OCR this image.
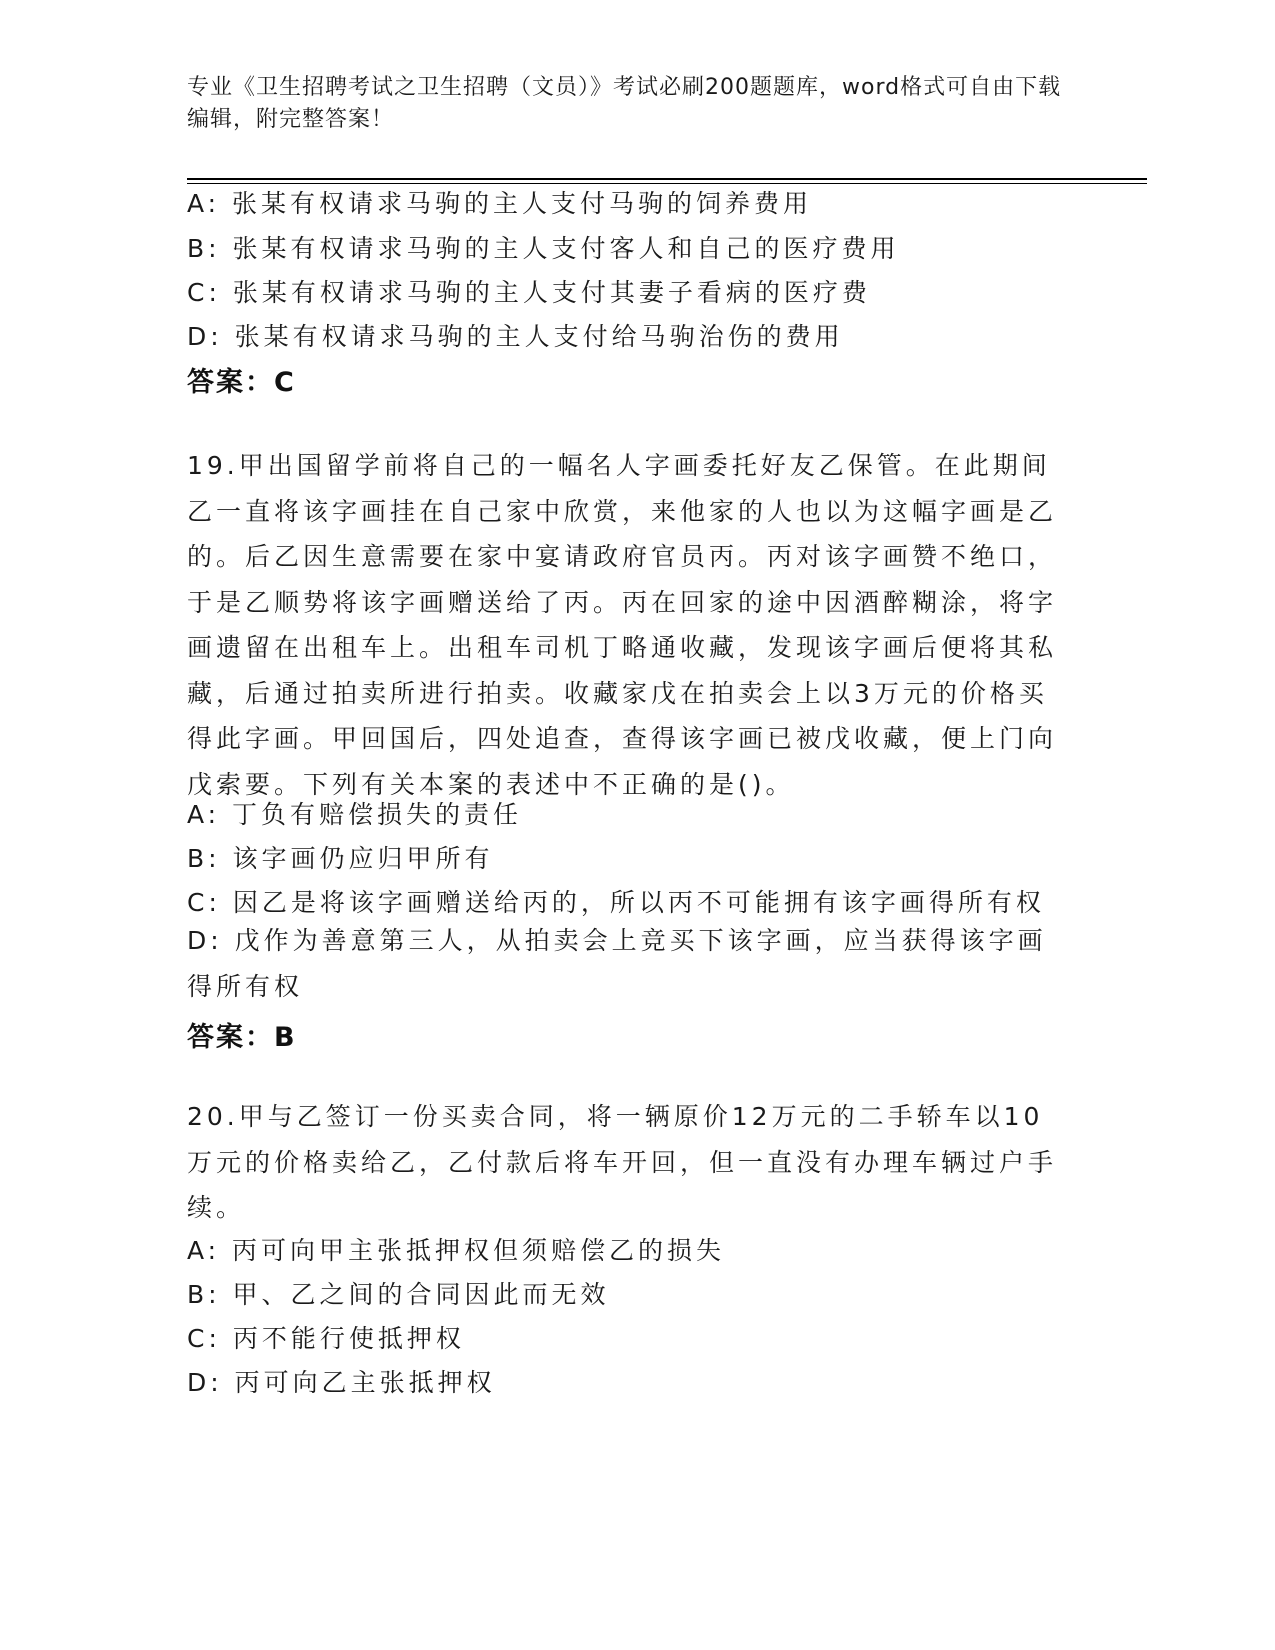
专业《卫生招聘考试之卫生招聘（文员）》考试必刷200题题库，word格式可自由下载编辑，附完整答案！
A: 张某有权请求马驹的主人支付马驹的饲养费用
B: 张某有权请求马驹的主人支付客人和自己的医疗费用
C: 张某有权请求马驹的主人支付其妻子看病的医疗费
D: 张某有权请求马驹的主人支付给马驹治伤的费用
答案：C
19.甲出国留学前将自己的一幅名人字画委托好友乙保管。在此期间乙一直将该字画挂在自己家中欣赏，来他家的人也以为这幅字画是乙的。后乙因生意需要在家中宴请政府官员丙。丙对该字画赞不绝口，于是乙顺势将该字画赠送给了丙。丙在回家的途中因酒醉糊涂，将字画遗留在出租车上。出租车司机丁略通收藏，发现该字画后便将其私藏，后通过拍卖所进行拍卖。收藏家戊在拍卖会上以3万元的价格买得此字画。甲回国后，四处追查，查得该字画已被戊收藏，便上门向戊索要。下列有关本案的表述中不正确的是()。
A: 丁负有赔偿损失的责任
B: 该字画仍应归甲所有
C: 因乙是将该字画赠送给丙的，所以丙不可能拥有该字画得所有权
D: 戊作为善意第三人，从拍卖会上竞买下该字画，应当获得该字画得所有权
答案：B
20.甲与乙签订一份买卖合同，将一辆原价12万元的二手轿车以10万元的价格卖给乙，乙付款后将车开回，但一直没有办理车辆过户手续。
A: 丙可向甲主张抵押权但须赔偿乙的损失
B: 甲、乙之间的合同因此而无效
C: 丙不能行使抵押权
D: 丙可向乙主张抵押权
